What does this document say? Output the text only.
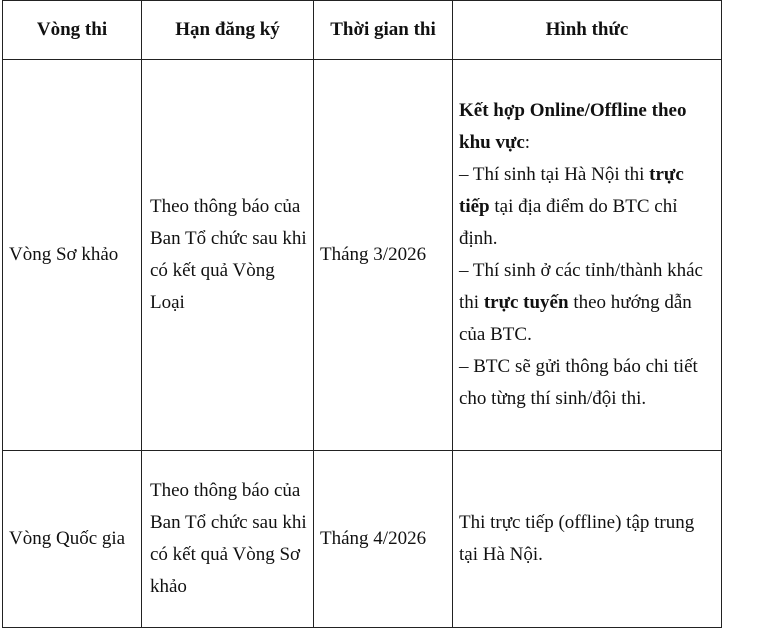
Vòng thi	Hạn đăng ký	Thời gian thi	Hình thức
Vòng Sơ khảo	Theo thông báo của Ban Tổ chức sau khi có kết quả Vòng Loại	Tháng 3/2026	Kết hợp Online/Offline theo khu vực:
– Thí sinh tại Hà Nội thi trực tiếp tại địa điểm do BTC chỉ định.
– Thí sinh ở các tỉnh/thành khác thi trực tuyến theo hướng dẫn của BTC.
– BTC sẽ gửi thông báo chi tiết cho từng thí sinh/đội thi.

Vòng Quốc gia	Theo thông báo của Ban Tổ chức sau khi có kết quả Vòng Sơ khảo	Tháng 4/2026	Thi trực tiếp (offline) tập trung tại Hà Nội.
